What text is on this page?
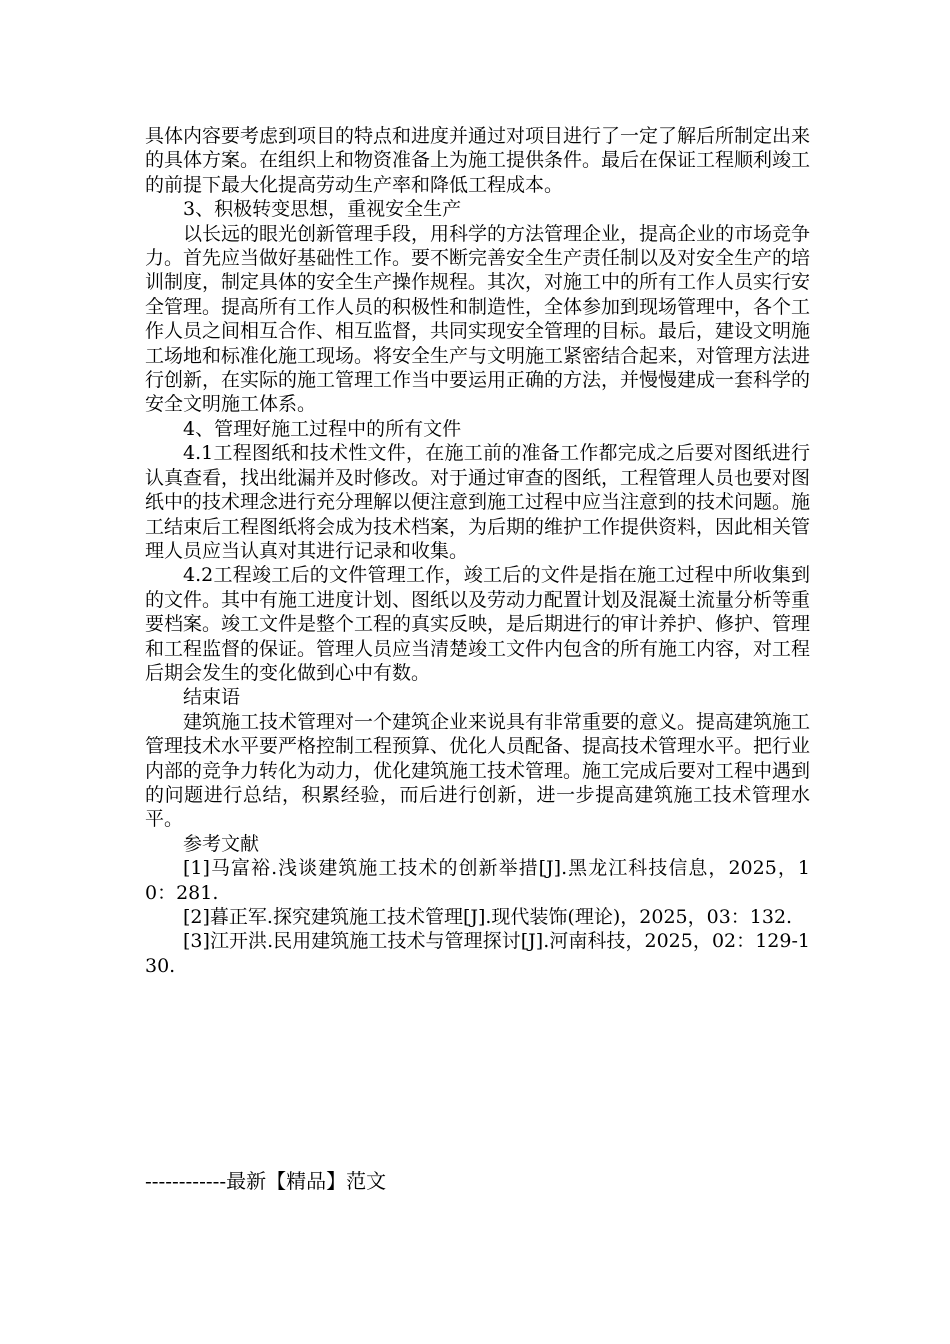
具体内容要考虑到项目的特点和进度并通过对项目进行了一定了解后所制定出来的具体方案。在组织上和物资准备上为施工提供条件。最后在保证工程顺利竣工的前提下最大化提高劳动生产率和降低工程成本。

3、积极转变思想，重视安全生产

以长远的眼光创新管理手段，用科学的方法管理企业，提高企业的市场竞争力。首先应当做好基础性工作。要不断完善安全生产责任制以及对安全生产的培训制度，制定具体的安全生产操作规程。其次，对施工中的所有工作人员实行安全管理。提高所有工作人员的积极性和制造性，全体参加到现场管理中，各个工作人员之间相互合作、相互监督，共同实现安全管理的目标。最后，建设文明施工场地和标准化施工现场。将安全生产与文明施工紧密结合起来，对管理方法进行创新，在实际的施工管理工作当中要运用正确的方法，并慢慢建成一套科学的安全文明施工体系。

4、管理好施工过程中的所有文件

4.1工程图纸和技术性文件，在施工前的准备工作都完成之后要对图纸进行认真查看，找出纰漏并及时修改。对于通过审查的图纸，工程管理人员也要对图纸中的技术理念进行充分理解以便注意到施工过程中应当注意到的技术问题。施工结束后工程图纸将会成为技术档案，为后期的维护工作提供资料，因此相关管理人员应当认真对其进行记录和收集。

4.2工程竣工后的文件管理工作，竣工后的文件是指在施工过程中所收集到的文件。其中有施工进度计划、图纸以及劳动力配置计划及混凝土流量分析等重要档案。竣工文件是整个工程的真实反映，是后期进行的审计养护、修护、管理和工程监督的保证。管理人员应当清楚竣工文件内包含的所有施工内容，对工程后期会发生的变化做到心中有数。

结束语

建筑施工技术管理对一个建筑企业来说具有非常重要的意义。提高建筑施工管理技术水平要严格控制工程预算、优化人员配备、提高技术管理水平。把行业内部的竞争力转化为动力，优化建筑施工技术管理。施工完成后要对工程中遇到的问题进行总结，积累经验，而后进行创新，进一步提高建筑施工技术管理水平。

参考文献

[1]马富裕.浅谈建筑施工技术的创新举措[J].黑龙江科技信息，2025，10：281.

[2]暮正军.探究建筑施工技术管理[J].现代装饰(理论)，2025，03：132.

[3]江开洪.民用建筑施工技术与管理探讨[J].河南科技，2025，02：129-130.

------------最新【精品】范文
